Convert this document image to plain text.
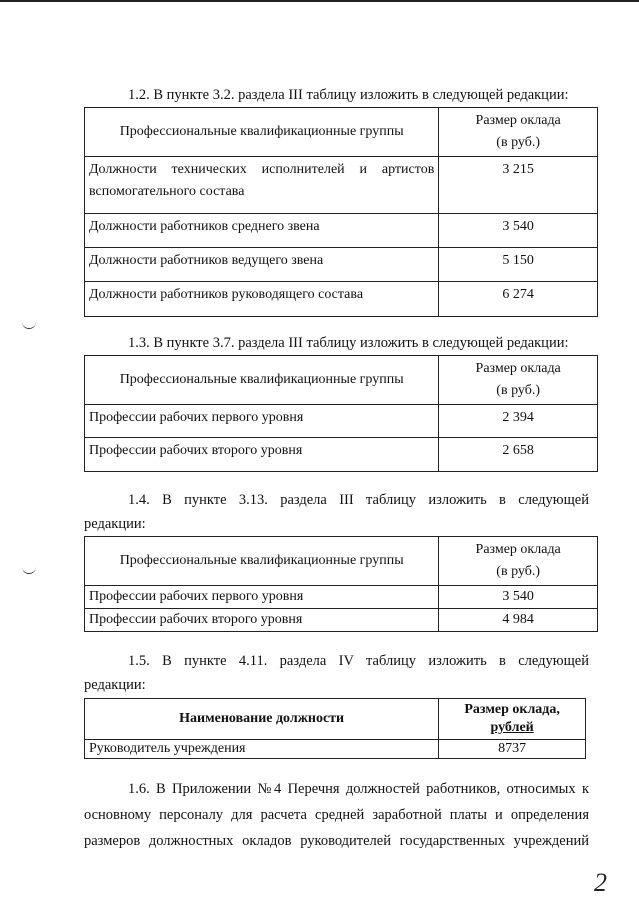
1.2. В пункте 3.2. раздела III таблицу изложить в следующей редакции:
Профессиональные квалификационные группы	Размер оклада
(в руб.)

Должности технических исполнителей и артистов вспомогательного состава	3 215
Должности работников среднего звена	3 540
Должности работников ведущего звена	5 150
Должности работников руководящего состава	6 274
1.3. В пункте 3.7. раздела III таблицу изложить в следующей редакции:
Профессиональные квалификационные группы	Размер оклада
(в руб.)

Профессии рабочих первого уровня	2 394
Профессии рабочих второго уровня	2 658
1.4. В пункте 3.13. раздела III таблицу изложить в следующей
редакции:
Профессиональные квалификационные группы	Размер оклада
(в руб.)

Профессии рабочих первого уровня	3 540
Профессии рабочих второго уровня	4 984
1.5. В пункте 4.11. раздела IV таблицу изложить в следующей
редакции:
Наименование должности	Размер оклада,
рублей

Руководитель учреждения	8737
1.6. В Приложении №4 Перечня должностей работников, относимых к
основному персоналу для расчета средней заработной платы и определения
размеров должностных окладов руководителей государственных учреждений
2
